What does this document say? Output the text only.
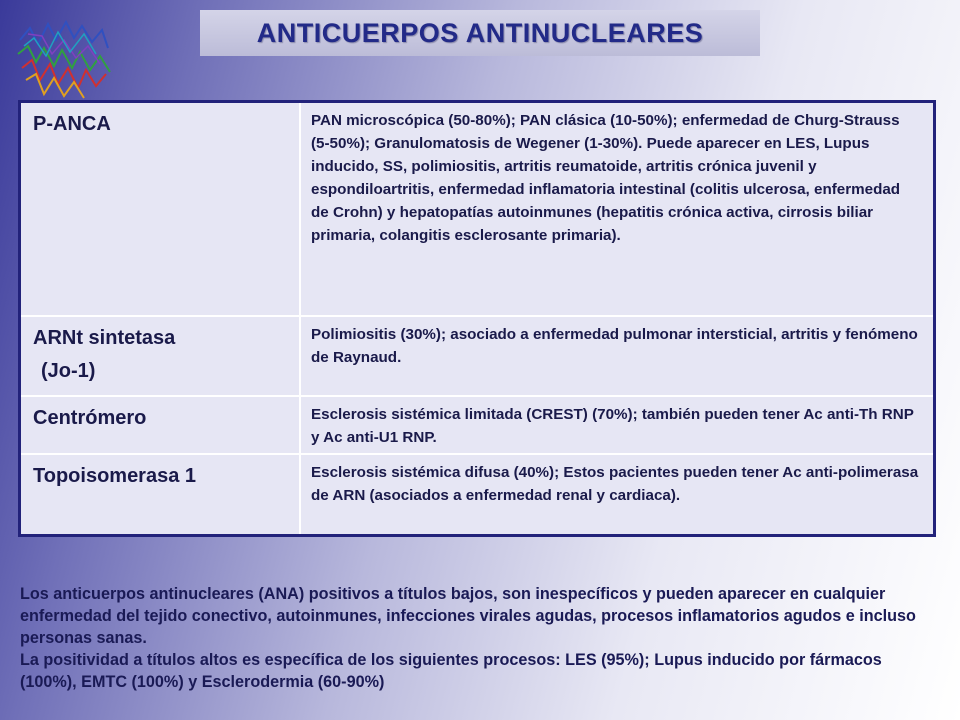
ANTICUERPOS ANTINUCLEARES
P-ANCA	PAN microscópica (50-80%); PAN clásica (10-50%); enfermedad de Churg-Strauss (5-50%); Granulomatosis de Wegener (1-30%). Puede aparecer en LES, Lupus inducido, SS, polimiositis, artritis reumatoide, artritis crónica juvenil y espondiloartritis, enfermedad inflamatoria intestinal (colitis ulcerosa, enfermedad de Crohn) y hepatopatías autoinmunes (hepatitis crónica activa, cirrosis biliar primaria, colangitis esclerosante primaria).
ARNt sintetasa
(Jo-1)	Polimiositis (30%); asociado a enfermedad pulmonar intersticial, artritis y fenómeno de Raynaud.
Centrómero	Esclerosis sistémica limitada (CREST) (70%); también pueden tener Ac anti-Th RNP y Ac anti-U1 RNP.
Topoisomerasa 1	Esclerosis sistémica difusa (40%); Estos pacientes pueden tener Ac anti-polimerasa de ARN (asociados a enfermedad renal y cardiaca).

Los anticuerpos antinucleares (ANA) positivos a títulos bajos, son inespecíficos y pueden aparecer en cualquier enfermedad del tejido conectivo, autoinmunes, infecciones virales agudas, procesos inflamatorios agudos e incluso personas sanas.

La positividad a títulos altos es específica de los siguientes procesos: LES (95%); Lupus inducido por fármacos (100%), EMTC (100%) y Esclerodermia (60-90%)
